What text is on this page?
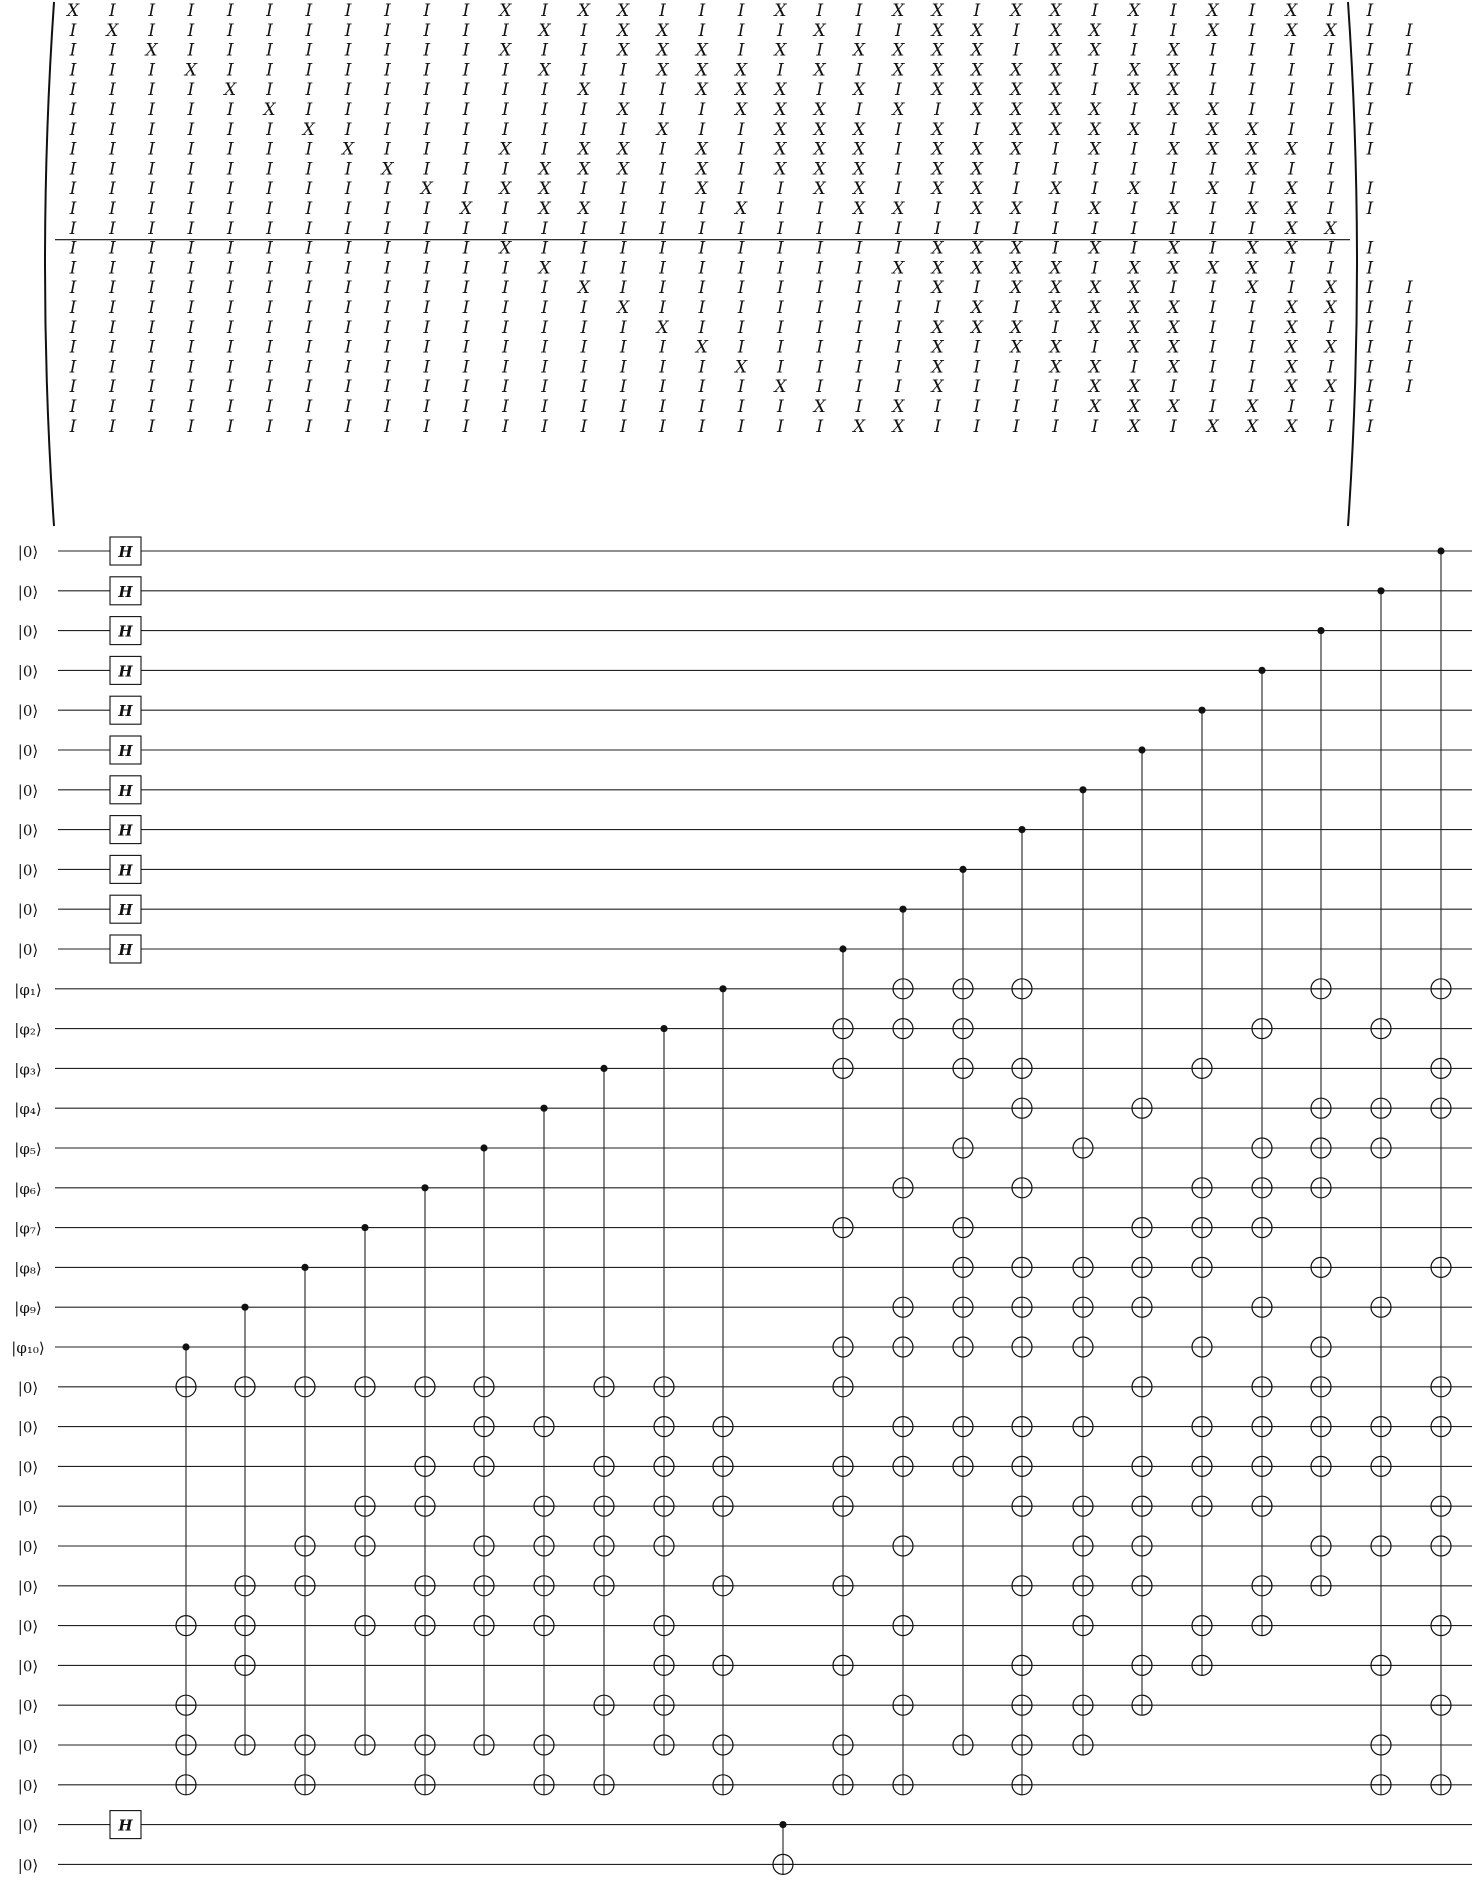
X I I I I I I I I I I X I X X I I I X I I X X I X X I X I X I X I I
I X I I I I I I I I I I X I X X I I I X I I X X I X X I I X I X X I I
I I X I I I I I I I I X I I X X X I X I X X X X I X X I X I I I I I I
I I I X I I I I I I I I X I I X X X I X I X X X X X I X X I I I I I I
I I I I X I I I I I I I I X I I X X X I X I X X X X I X X I I I I I I
I I I I I X I I I I I I I I X I I X X X I X I X X X X I X X I I I I
I I I I I I X I I I I I I I I X I I X X X I X I X X X X I X X I I I
I I I I I I I X I I I X I X X I X I X X X I X X X I X I X X X X I I
I I I I I I I I X I I I X X X I X I X X X I X X I I I I I I X I I
I I I I I I I I I X I X X I I I X I I X X I X X I X I X I X I X I I
I I I I I I I I I I X I X X I I I X I I X X I X X I X I X I X X I I
I I I I I I I I I I I I I I I I I I I I I I I I I I I I I I I X X
I I I I I I I I I I I X I I I I I I I I I I X X X I X I X I X X I I
I I I I I I I I I I I I X I I I I I I I I X X X X X I X X X X I I I
I I I I I I I I I I I I I X I I I I I I I I X I X X X X I I X I X I I
I I I I I I I I I I I I I I X I I I I I I I I X I X X X X I I X X I I
I I I I I I I I I I I I I I I X I I I I I I X X X I X X X I I X I I I
I I I I I I I I I I I I I I I I X I I I I I X I X X I X X I I X X I I
I I I I I I I I I I I I I I I I I X I I I I X I I X X I X I I X I I I
I I I I I I I I I I I I I I I I I I X I I I X I I I X X I I I X X I I
I I I I I I I I I I I I I I I I I I I X I X I I I I X X X I X I I I
I I I I I I I I I I I I I I I I I I I I X X I I I I I X I X X X I I
|0⟩
|0⟩
|0⟩
|0⟩
|0⟩
|0⟩
|0⟩
|0⟩
|0⟩
|0⟩
|0⟩
|φ₁⟩
|φ₂⟩
|φ₃⟩
|φ₄⟩
|φ₅⟩
|φ₆⟩
|φ₇⟩
|φ₈⟩
|φ₉⟩
|φ₁₀⟩
|0⟩
|0⟩
|0⟩
|0⟩
|0⟩
|0⟩
|0⟩
|0⟩
|0⟩
|0⟩
|0⟩
|0⟩
|0⟩
H
H
H
H
H
H
H
H
H
H
H
H
